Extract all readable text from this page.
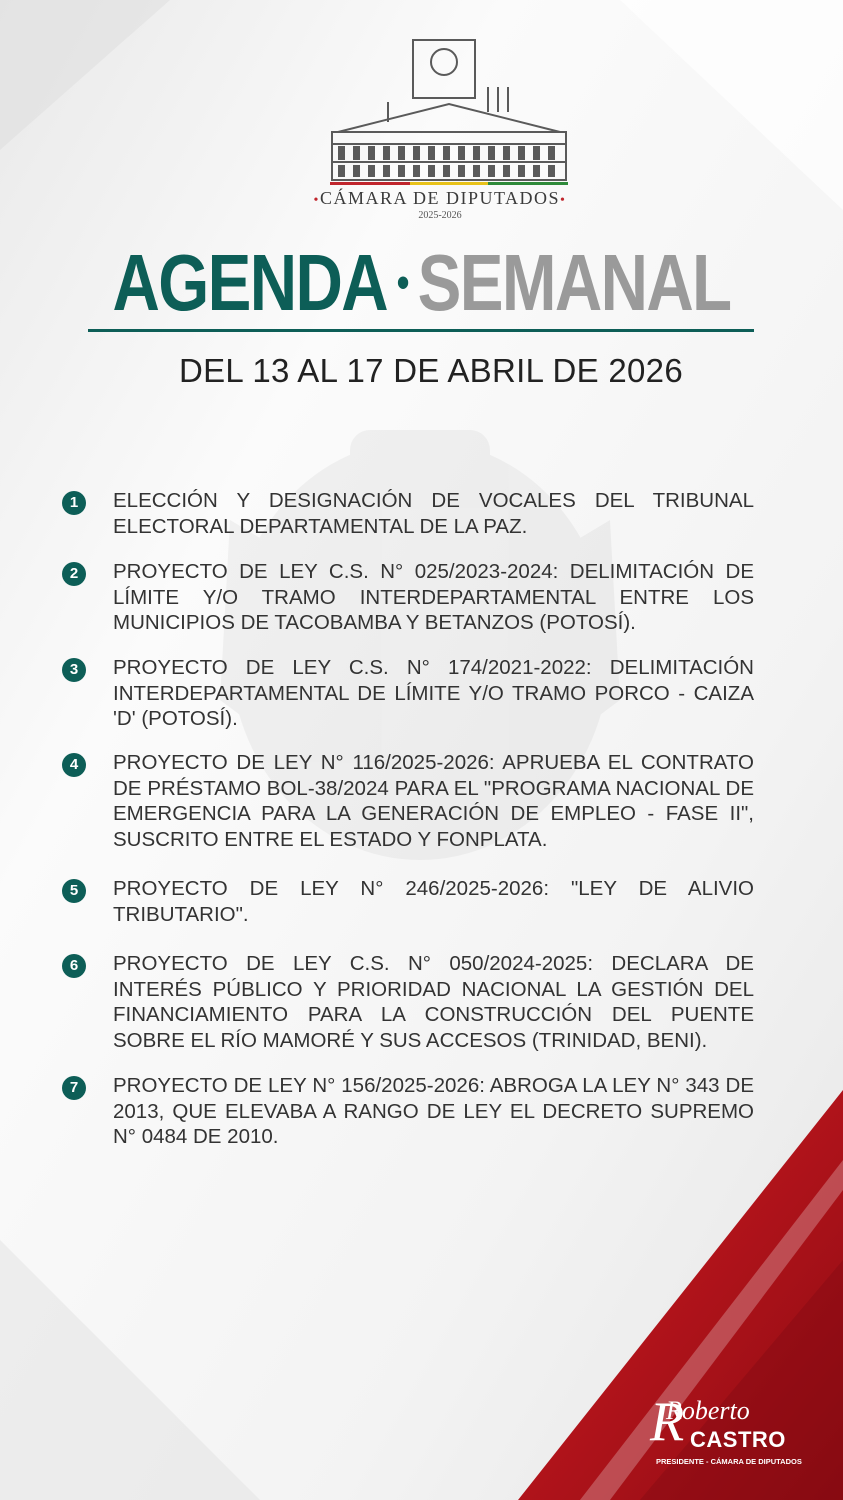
•CÁMARA DE DIPUTADOS•
2025-2026
AGENDA • SEMANAL
DEL 13 AL 17 DE ABRIL DE 2026
1	ELECCIÓN Y DESIGNACIÓN DE VOCALES DEL TRIBUNAL ELECTORAL DEPARTAMENTAL DE LA PAZ.
2	PROYECTO DE LEY C.S. N° 025/2023-2024: DELIMITACIÓN DE LÍMITE Y/O TRAMO INTERDEPARTAMENTAL ENTRE LOS MUNICIPIOS DE TACOBAMBA Y BETANZOS (POTOSÍ).
3	PROYECTO DE LEY C.S. N° 174/2021-2022: DELIMITACIÓN INTERDEPARTAMENTAL DE LÍMITE Y/O TRAMO PORCO - CAIZA 'D' (POTOSÍ).
4	PROYECTO DE LEY N° 116/2025-2026: APRUEBA EL CONTRATO DE PRÉSTAMO BOL-38/2024 PARA EL "PROGRAMA NACIONAL DE EMERGENCIA PARA LA GENERACIÓN DE EMPLEO - FASE II", SUSCRITO ENTRE EL ESTADO Y FONPLATA.
5	PROYECTO DE LEY N° 246/2025-2026: "LEY DE ALIVIO TRIBUTARIO".
6	PROYECTO DE LEY C.S. N° 050/2024-2025: DECLARA DE INTERÉS PÚBLICO Y PRIORIDAD NACIONAL LA GESTIÓN DEL FINANCIAMIENTO PARA LA CONSTRUCCIÓN DEL PUENTE SOBRE EL RÍO MAMORÉ Y SUS ACCESOS (TRINIDAD, BENI).
7	PROYECTO DE LEY N° 156/2025-2026: ABROGA LA LEY N° 343 DE 2013, QUE ELEVABA A RANGO DE LEY EL DECRETO SUPREMO N° 0484 DE 2010.
R
Roberto
CASTRO
PRESIDENTE - CÁMARA DE DIPUTADOS
